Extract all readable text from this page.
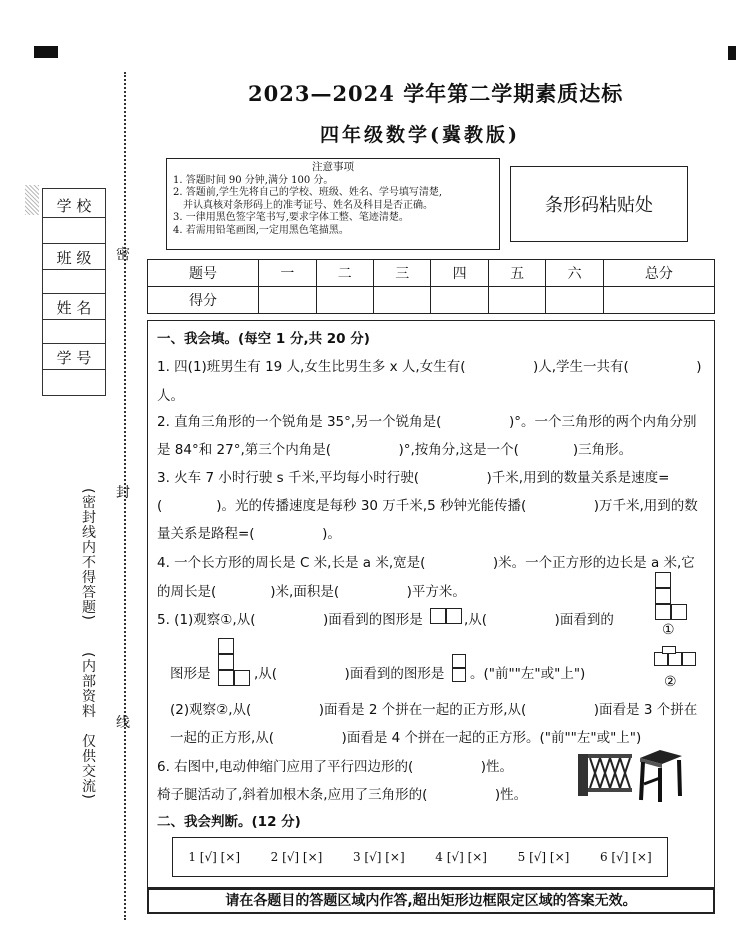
2023—2024 学年第二学期素质达标
四年级数学(冀教版)
注意事项
1. 答题时间 90 分钟,满分 100 分。
2. 答题前,学生先将自己的学校、班级、姓名、学号填写清楚,
并认真核对条形码上的准考证号、姓名及科目是否正确。
3. 一律用黑色签字笔书写,要求字体工整、笔迹清楚。
4. 若需用铅笔画图,一定用黑色笔描黑。
条形码粘贴处
学 校
班 级
姓 名
学 号
密
封
线
(密封线内不得答题)
(内部资料　仅供交流)
题号	一	二	三	四	五	六	总分
得分							
一、我会填。(每空 1 分,共 20 分)
1. 四(1)班男生有 19 人,女生比男生多 x 人,女生有(　　　　　)人,学生一共有(　　　　　)
人。
2. 直角三角形的一个锐角是 35°,另一个锐角是(　　　　　)°。一个三角形的两个内角分别
是 84°和 27°,第三个内角是(　　　　　)°,按角分,这是一个(　　　　)三角形。
3. 火车 7 小时行驶 s 千米,平均每小时行驶(　　　　　)千米,用到的数量关系是速度=
(　　　　)。光的传播速度是每秒 30 万千米,5 秒钟光能传播(　　　　　)万千米,用到的数
量关系是路程=(　　　　　)。
4. 一个长方形的周长是 C 米,长是 a 米,宽是(　　　　　)米。一个正方形的边长是 a 米,它
的周长是(　　　　)米,面积是(　　　　　)平方米。
5. (1)观察①,从(　　　　　)面看到的图形是	,从(　　　　　)面看到的
①
图形是	,从(　　　　　)面看到的图形是 。("前""左"或"上")	②
(2)观察②,从(　　　　　)面看是 2 个拼在一起的正方形,从(　　　　　)面看是 3 个拼在
一起的正方形,从(　　　　　)面看是 4 个拼在一起的正方形。("前""左"或"上")
6. 右图中,电动伸缩门应用了平行四边形的(　　　　　)性。
椅子腿活动了,斜着加根木条,应用了三角形的(　　　　　)性。
二、我会判断。(12 分)
1 [√] [×]	2 [√] [×]	3 [√] [×]	4 [√] [×]	5 [√] [×]	6 [√] [×]
请在各题目的答题区域内作答,超出矩形边框限定区域的答案无效。
